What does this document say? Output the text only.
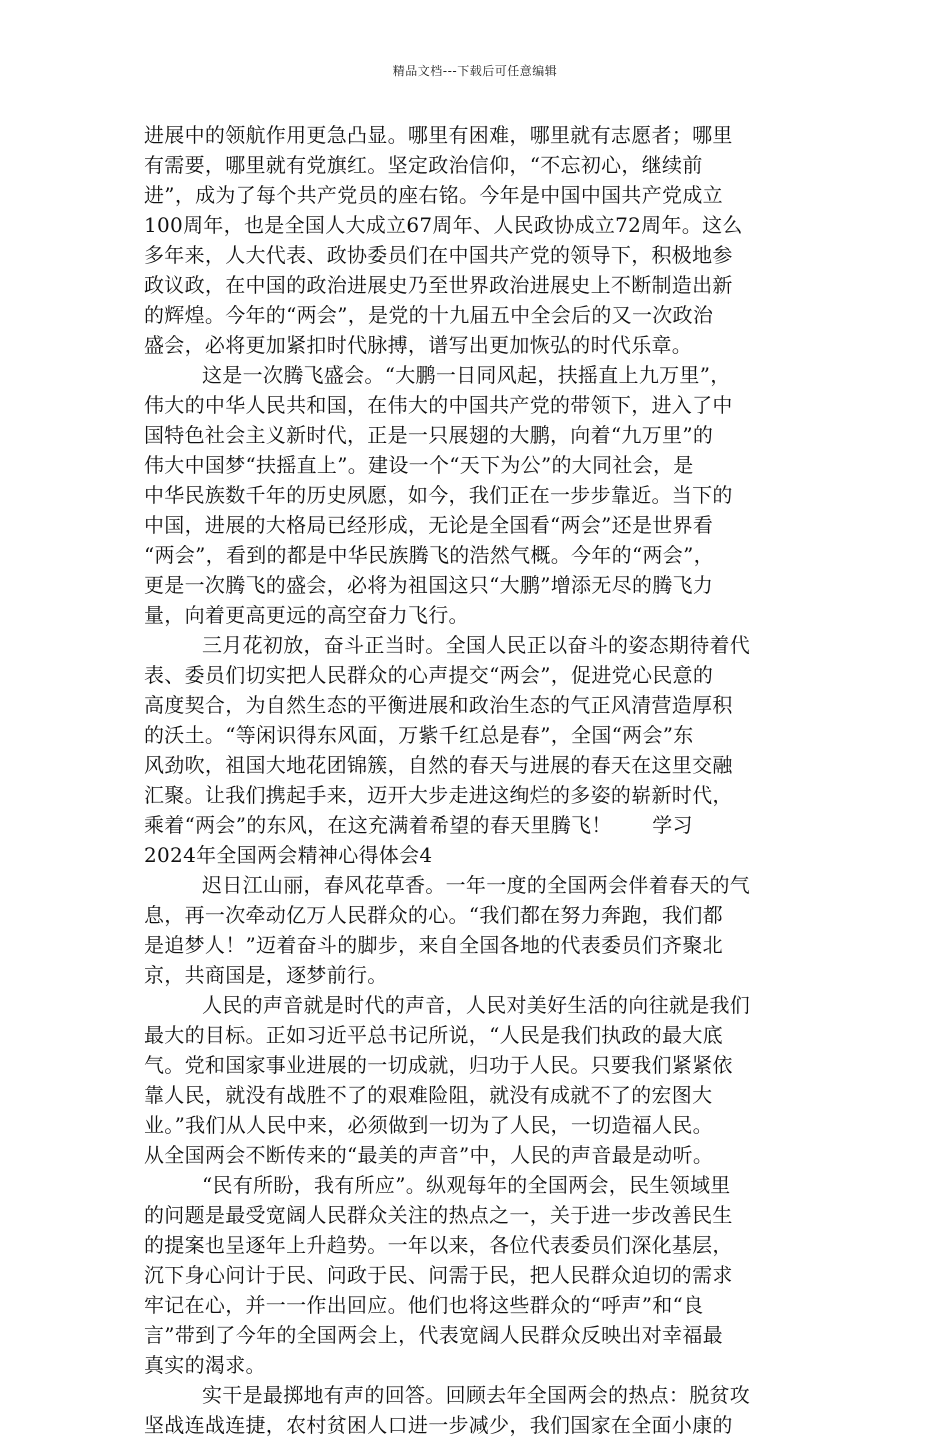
精品文档---下载后可任意编辑
进展中的领航作用更急凸显。哪里有困难，哪里就有志愿者；哪里
有需要，哪里就有党旗红。坚定政治信仰，“不忘初心，继续前
进”，成为了每个共产党员的座右铭。今年是中国中国共产党成立
100周年，也是全国人大成立67周年、人民政协成立72周年。这么
多年来，人大代表、政协委员们在中国共产党的领导下，积极地参
政议政，在中国的政治进展史乃至世界政治进展史上不断制造出新
的辉煌。今年的“两会”，是党的十九届五中全会后的又一次政治
盛会，必将更加紧扣时代脉搏，谱写出更加恢弘的时代乐章。
这是一次腾飞盛会。“大鹏一日同风起，扶摇直上九万里”，
伟大的中华人民共和国，在伟大的中国共产党的带领下，进入了中
国特色社会主义新时代，正是一只展翅的大鹏，向着“九万里”的
伟大中国梦“扶摇直上”。建设一个“天下为公”的大同社会，是
中华民族数千年的历史夙愿，如今，我们正在一步步靠近。当下的
中国，进展的大格局已经形成，无论是全国看“两会”还是世界看
“两会”，看到的都是中华民族腾飞的浩然气概。今年的“两会”，
更是一次腾飞的盛会，必将为祖国这只“大鹏”增添无尽的腾飞力
量，向着更高更远的高空奋力飞行。
三月花初放，奋斗正当时。全国人民正以奋斗的姿态期待着代
表、委员们切实把人民群众的心声提交“两会”，促进党心民意的
高度契合，为自然生态的平衡进展和政治生态的气正风清营造厚积
的沃土。“等闲识得东风面，万紫千红总是春”，全国“两会”东
风劲吹，祖国大地花团锦簇，自然的春天与进展的春天在这里交融
汇聚。让我们携起手来，迈开大步走进这绚烂的多姿的崭新时代，
乘着“两会”的东风，在这充满着希望的春天里腾飞！　　学习
2024年全国两会精神心得体会4
迟日江山丽，春风花草香。一年一度的全国两会伴着春天的气
息，再一次牵动亿万人民群众的心。“我们都在努力奔跑，我们都
是追梦人！”迈着奋斗的脚步，来自全国各地的代表委员们齐聚北
京，共商国是，逐梦前行。
人民的声音就是时代的声音，人民对美好生活的向往就是我们
最大的目标。正如习近平总书记所说，“人民是我们执政的最大底
气。党和国家事业进展的一切成就，归功于人民。只要我们紧紧依
靠人民，就没有战胜不了的艰难险阻，就没有成就不了的宏图大
业。”我们从人民中来，必须做到一切为了人民，一切造福人民。
从全国两会不断传来的“最美的声音”中，人民的声音最是动听。
“民有所盼，我有所应”。纵观每年的全国两会，民生领域里
的问题是最受宽阔人民群众关注的热点之一，关于进一步改善民生
的提案也呈逐年上升趋势。一年以来，各位代表委员们深化基层，
沉下身心问计于民、问政于民、问需于民，把人民群众迫切的需求
牢记在心，并一一作出回应。他们也将这些群众的“呼声”和“良
言”带到了今年的全国两会上，代表宽阔人民群众反映出对幸福最
真实的渴求。
实干是最掷地有声的回答。回顾去年全国两会的热点：脱贫攻
坚战连战连捷，农村贫困人口进一步减少，我们国家在全面小康的
